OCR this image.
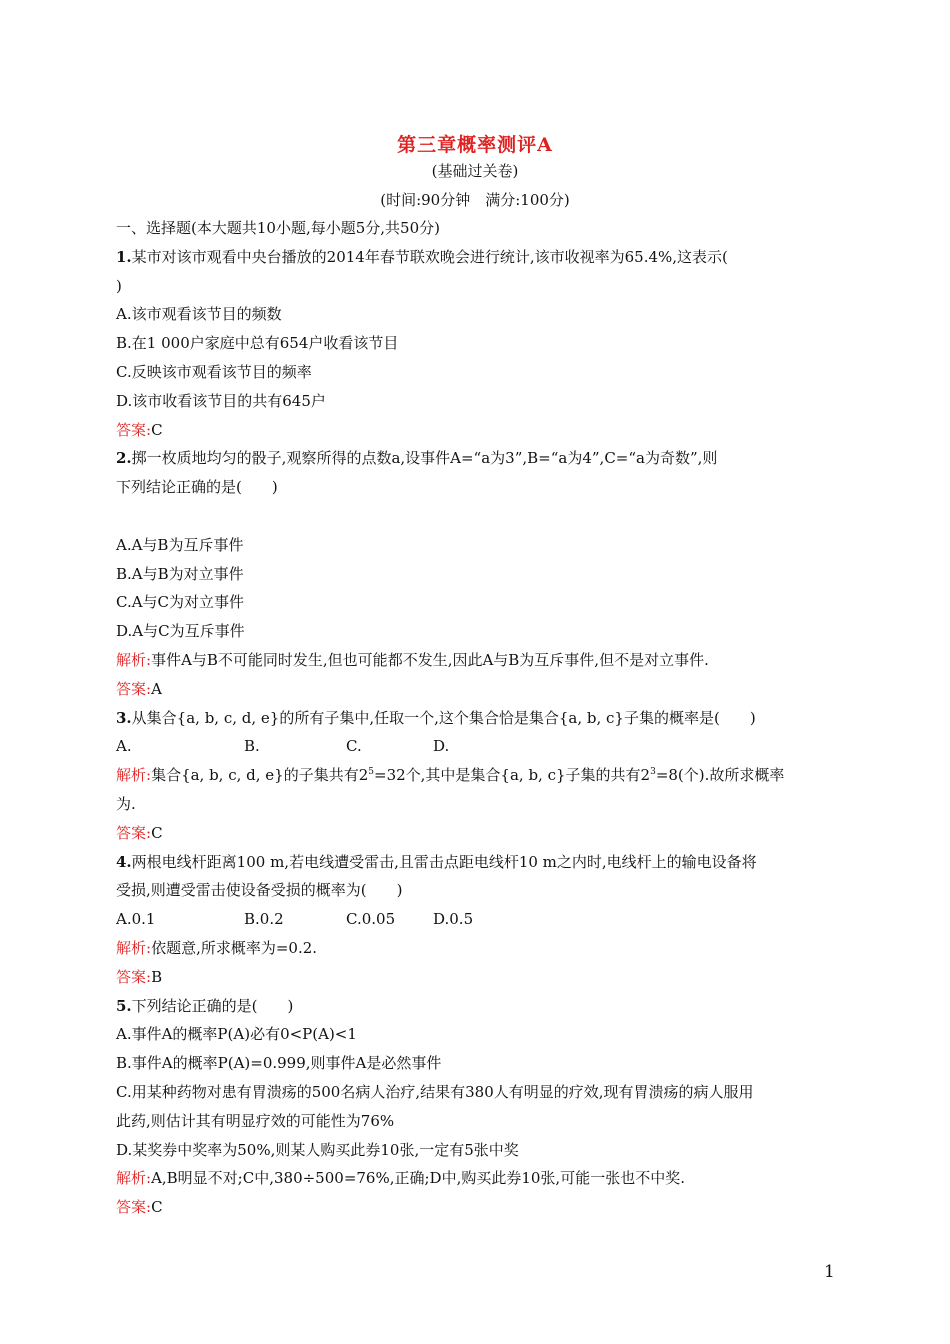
第三章概率测评A
(基础过关卷)
(时间:90分钟　满分:100分)
一、选择题(本大题共10小题,每小题5分,共50分)
1.某市对该市观看中央台播放的2014年春节联欢晚会进行统计,该市收视率为65.4%,这表示(
)
A.该市观看该节目的频数
B.在1 000户家庭中总有654户收看该节目
C.反映该市观看该节目的频率
D.该市收看该节目的共有645户
答案:C
2.掷一枚质地均匀的骰子,观察所得的点数a,设事件A=“a为3”,B=“a为4”,C=“a为奇数”,则
下列结论正确的是(　　)
A.A与B为互斥事件
B.A与B为对立事件
C.A与C为对立事件
D.A与C为互斥事件
解析:事件A与B不可能同时发生,但也可能都不发生,因此A与B为互斥事件,但不是对立事件.
答案:A
3.从集合{a, b, c, d, e}的所有子集中,任取一个,这个集合恰是集合{a, b, c}子集的概率是(　　)
A.	B.	C.	D.
解析:集合{a, b, c, d, e}的子集共有$2^5=32$个,其中是集合{a, b, c}子集的共有$2^3=8$(个).故所求概率
为.
答案:C
4.两根电线杆距离100 m,若电线遭受雷击,且雷击点距电线杆10 m之内时,电线杆上的输电设备将
受损,则遭受雷击使设备受损的概率为(　　)
A.0.1	B.0.2	C.0.05	D.0.5
解析:依题意,所求概率为=0.2.
答案:B
5.下列结论正确的是(　　)
A.事件A的概率P(A)必有0<P(A)<1
B.事件A的概率P(A)=0.999,则事件A是必然事件
C.用某种药物对患有胃溃疡的500名病人治疗,结果有380人有明显的疗效,现有胃溃疡的病人服用
此药,则估计其有明显疗效的可能性为76%
D.某奖券中奖率为50%,则某人购买此券10张,一定有5张中奖
解析:A,B明显不对;C中,380÷500=76%,正确;D中,购买此券10张,可能一张也不中奖.
答案:C
1
